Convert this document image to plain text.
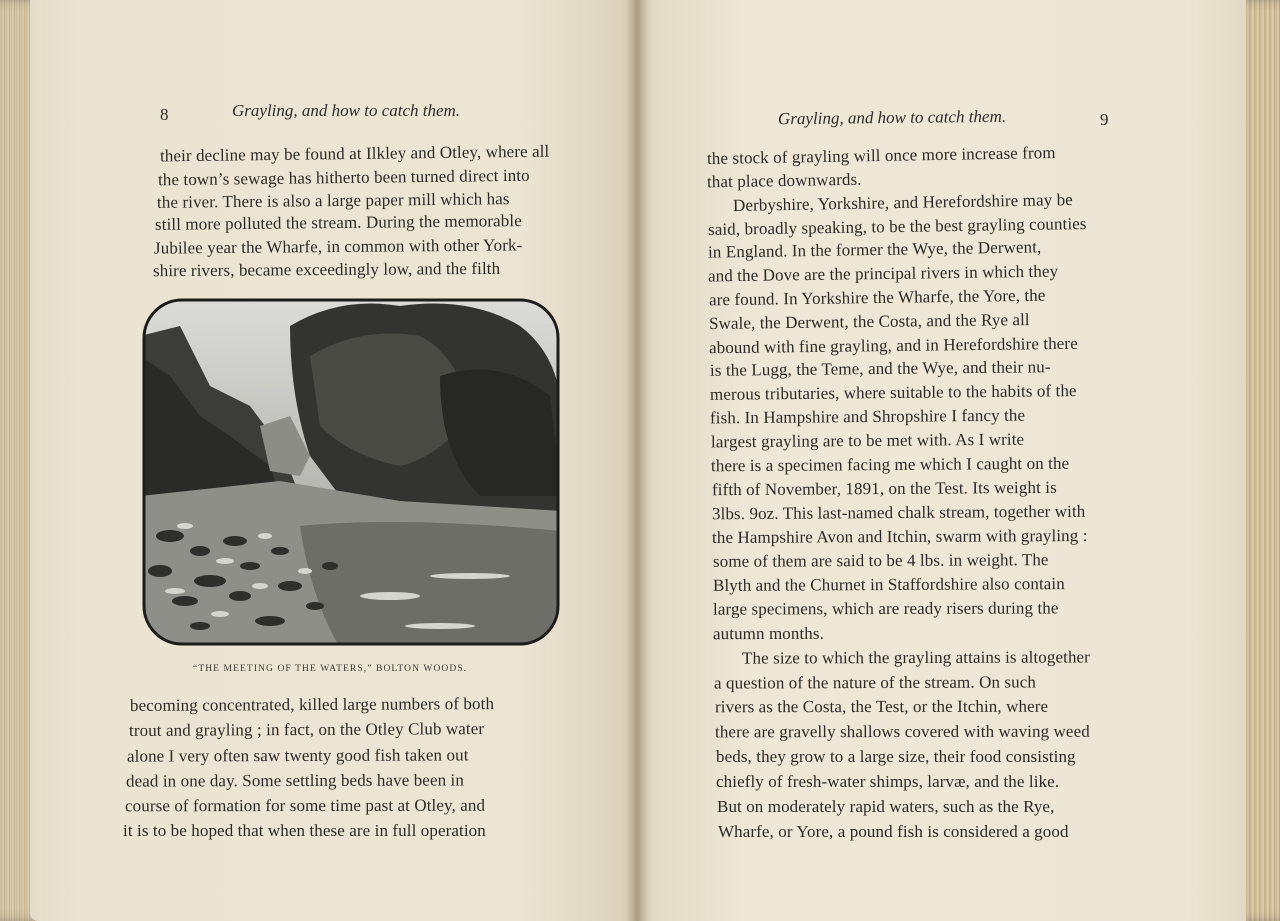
8	Grayling, and how to catch them.
their decline may be found at Ilkley and Otley, where all
the town’s sewage has hitherto been turned direct into
the river. There is also a large paper mill which has
still more polluted the stream. During the memorable
Jubilee year the Wharfe, in common with other York-
shire rivers, became exceedingly low, and the filth
“THE MEETING OF THE WATERS,” BOLTON WOODS.
becoming concentrated, killed large numbers of both
trout and grayling ; in fact, on the Otley Club water
alone I very often saw twenty good fish taken out
dead in one day. Some settling beds have been in
course of formation for some time past at Otley, and
it is to be hoped that when these are in full operation
Grayling, and how to catch them.	9
the stock of grayling will once more increase from
that place downwards.
Derbyshire, Yorkshire, and Herefordshire may be
said, broadly speaking, to be the best grayling counties
in England. In the former the Wye, the Derwent,
and the Dove are the principal rivers in which they
are found. In Yorkshire the Wharfe, the Yore, the
Swale, the Derwent, the Costa, and the Rye all
abound with fine grayling, and in Herefordshire there
is the Lugg, the Teme, and the Wye, and their nu-
merous tributaries, where suitable to the habits of the
fish. In Hampshire and Shropshire I fancy the
largest grayling are to be met with. As I write
there is a specimen facing me which I caught on the
fifth of November, 1891, on the Test. Its weight is
3lbs. 9oz. This last-named chalk stream, together with
the Hampshire Avon and Itchin, swarm with grayling :
some of them are said to be 4 lbs. in weight. The
Blyth and the Churnet in Staffordshire also contain
large specimens, which are ready risers during the
autumn months.
The size to which the grayling attains is altogether
a question of the nature of the stream. On such
rivers as the Costa, the Test, or the Itchin, where
there are gravelly shallows covered with waving weed
beds, they grow to a large size, their food consisting
chiefly of fresh-water shimps, larvæ, and the like.
But on moderately rapid waters, such as the Rye,
Wharfe, or Yore, a pound fish is considered a good
